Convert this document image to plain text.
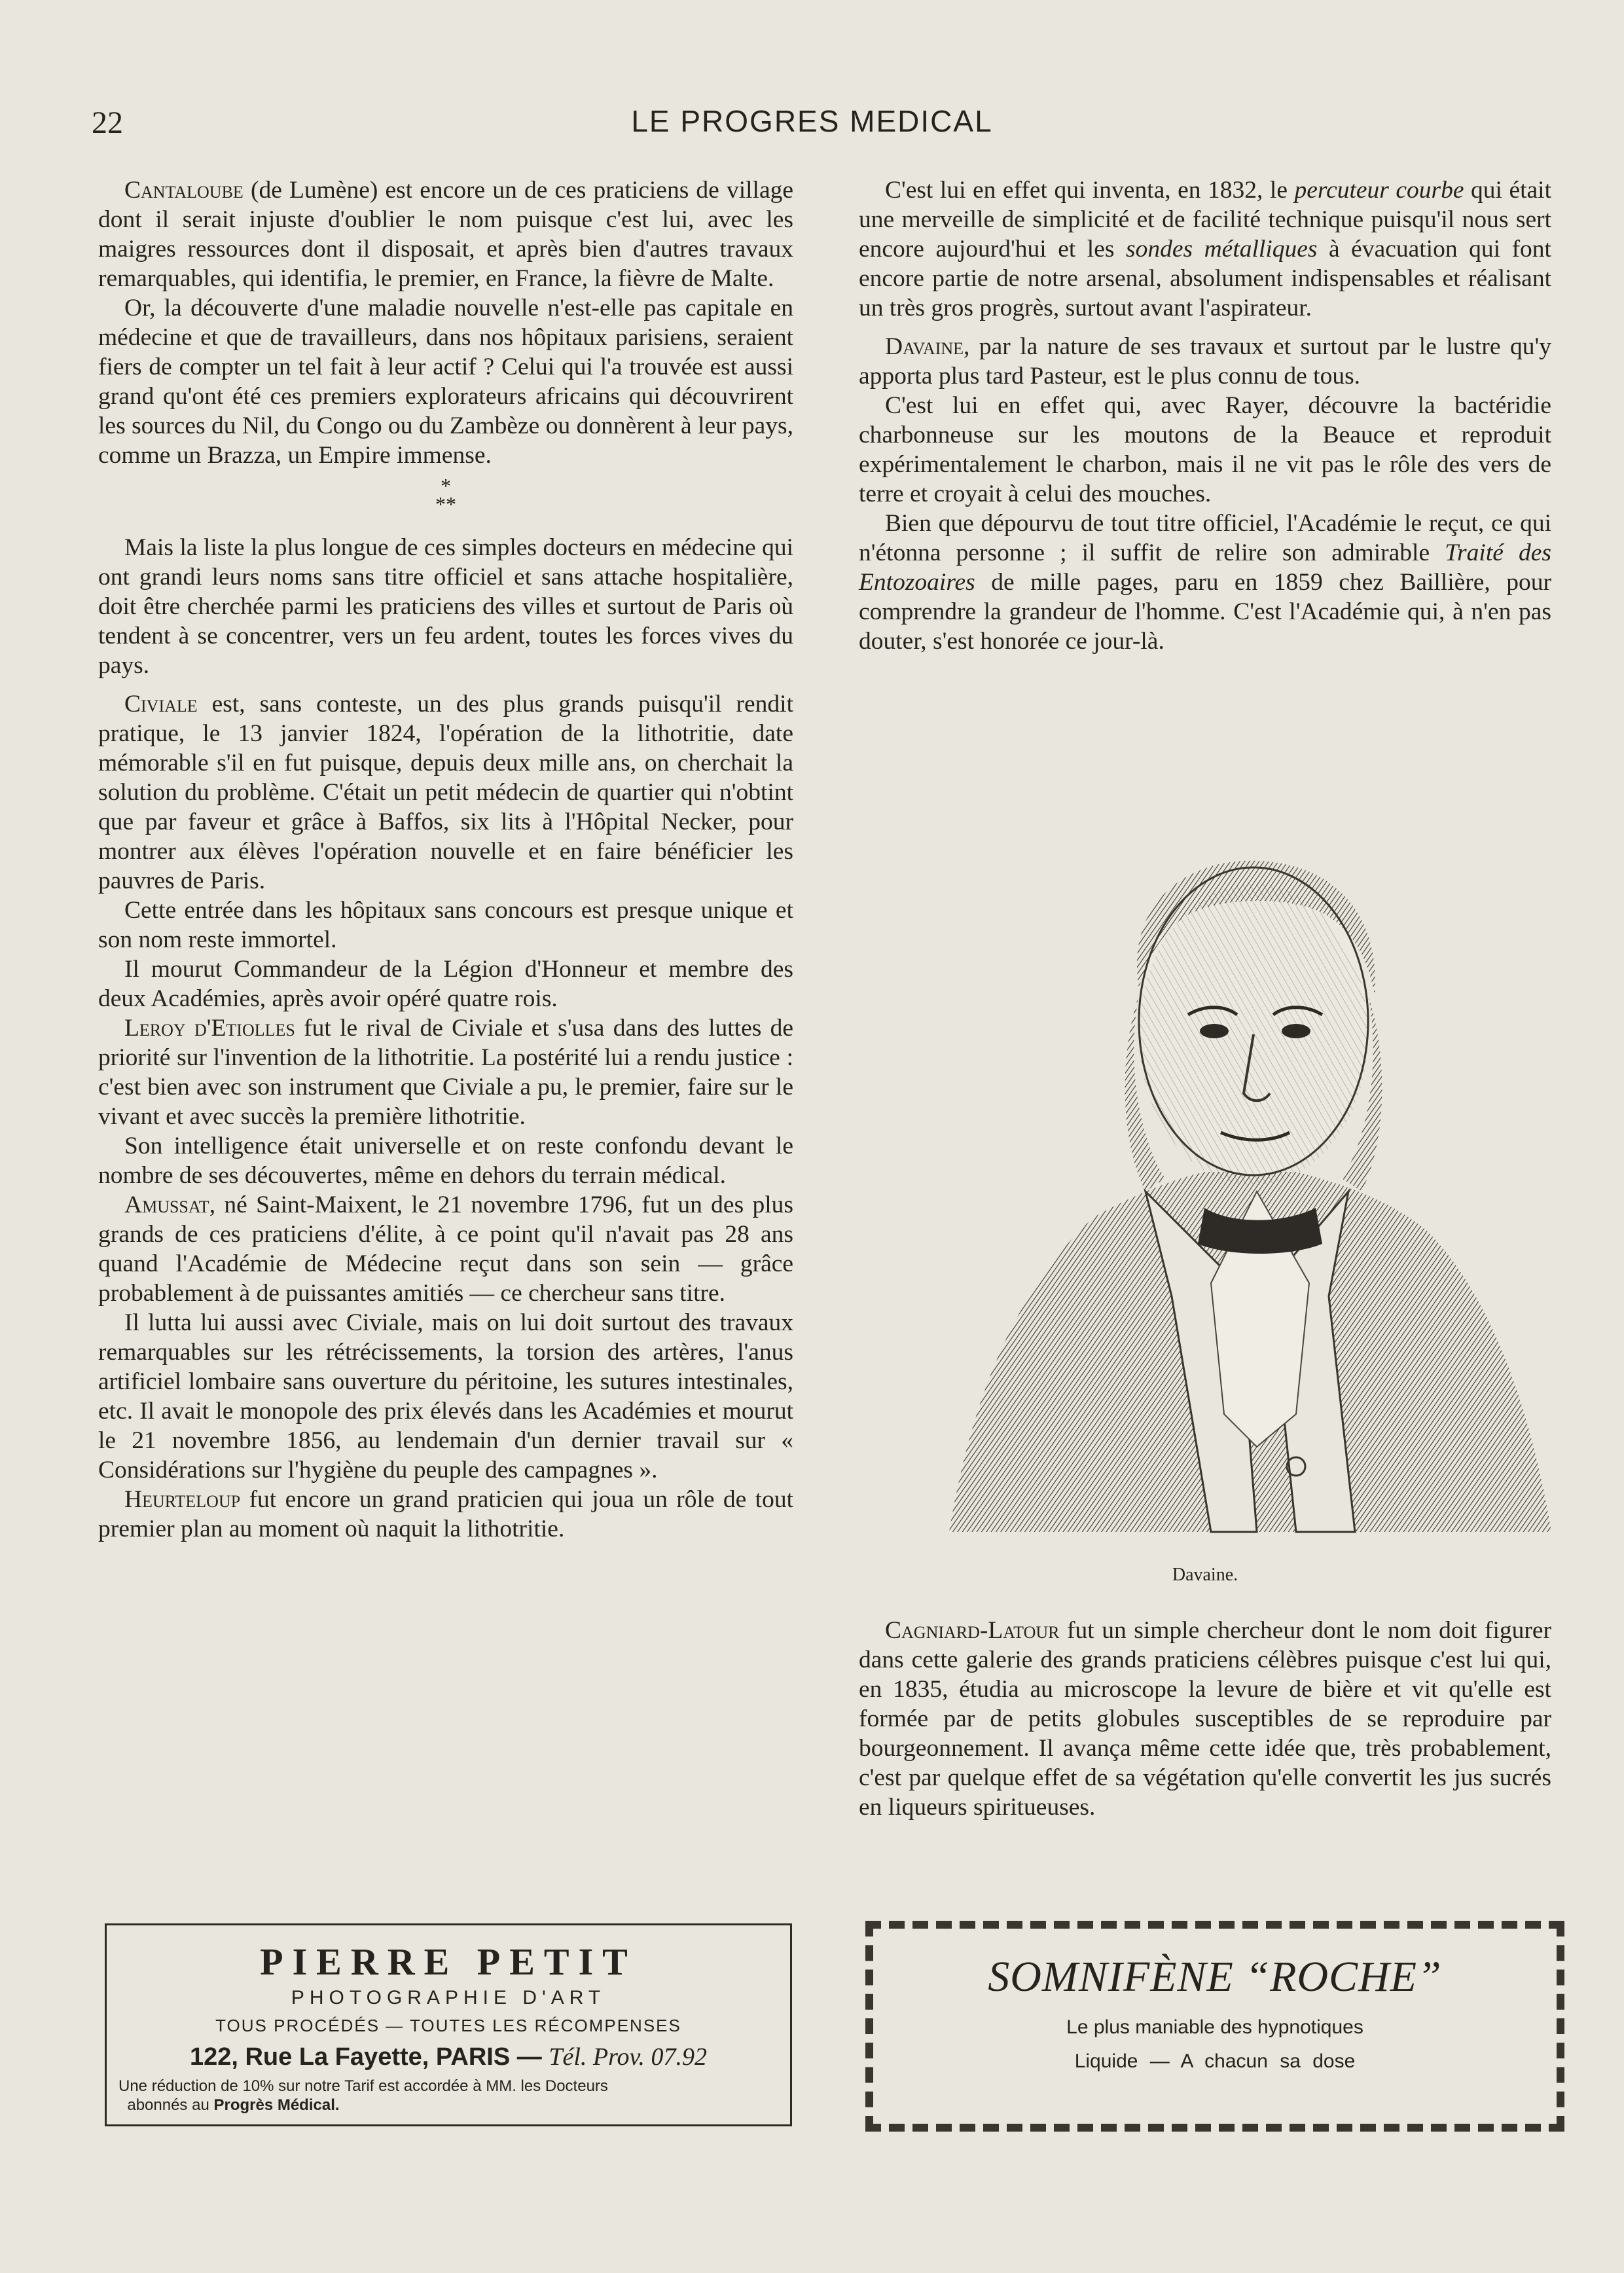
22	LE PROGRES MEDICAL

Cantaloube (de Lumène) est encore un de ces praticiens de village dont il serait injuste d'oublier le nom puisque c'est lui, avec les maigres ressources dont il disposait, et après bien d'autres travaux remarquables, qui identifia, le premier, en France, la fièvre de Malte.

Or, la découverte d'une maladie nouvelle n'est-elle pas capitale en médecine et que de travailleurs, dans nos hôpitaux parisiens, seraient fiers de compter un tel fait à leur actif ? Celui qui l'a trouvée est aussi grand qu'ont été ces premiers explorateurs africains qui découvrirent les sources du Nil, du Congo ou du Zambèze ou donnèrent à leur pays, comme un Brazza, un Empire immense.

*
**

Mais la liste la plus longue de ces simples docteurs en médecine qui ont grandi leurs noms sans titre officiel et sans attache hospitalière, doit être cherchée parmi les praticiens des villes et surtout de Paris où tendent à se concentrer, vers un feu ardent, toutes les forces vives du pays.

Civiale est, sans conteste, un des plus grands puisqu'il rendit pratique, le 13 janvier 1824, l'opération de la lithotritie, date mémorable s'il en fut puisque, depuis deux mille ans, on cherchait la solution du problème. C'était un petit médecin de quartier qui n'obtint que par faveur et grâce à Baffos, six lits à l'Hôpital Necker, pour montrer aux élèves l'opération nouvelle et en faire bénéficier les pauvres de Paris.

Cette entrée dans les hôpitaux sans concours est presque unique et son nom reste immortel.

Il mourut Commandeur de la Légion d'Honneur et membre des deux Académies, après avoir opéré quatre rois.

Leroy d'Etiolles fut le rival de Civiale et s'usa dans des luttes de priorité sur l'invention de la lithotritie. La postérité lui a rendu justice : c'est bien avec son instrument que Civiale a pu, le premier, faire sur le vivant et avec succès la première lithotritie.

Son intelligence était universelle et on reste confondu devant le nombre de ses découvertes, même en dehors du terrain médical.

Amussat, né Saint-Maixent, le 21 novembre 1796, fut un des plus grands de ces praticiens d'élite, à ce point qu'il n'avait pas 28 ans quand l'Académie de Médecine reçut dans son sein — grâce probablement à de puissantes amitiés — ce chercheur sans titre.

Il lutta lui aussi avec Civiale, mais on lui doit surtout des travaux remarquables sur les rétrécissements, la torsion des artères, l'anus artificiel lombaire sans ouverture du péritoine, les sutures intestinales, etc. Il avait le monopole des prix élevés dans les Académies et mourut le 21 novembre 1856, au lendemain d'un dernier travail sur « Considérations sur l'hygiène du peuple des campagnes ».

Heurteloup fut encore un grand praticien qui joua un rôle de tout premier plan au moment où naquit la lithotritie.

C'est lui en effet qui inventa, en 1832, le percuteur courbe qui était une merveille de simplicité et de facilité technique puisqu'il nous sert encore aujourd'hui et les sondes métalliques à évacuation qui font encore partie de notre arsenal, absolument indispensables et réalisant un très gros progrès, surtout avant l'aspirateur.

Davaine, par la nature de ses travaux et surtout par le lustre qu'y apporta plus tard Pasteur, est le plus connu de tous.

C'est lui en effet qui, avec Rayer, découvre la bactéridie charbonneuse sur les moutons de la Beauce et reproduit expérimentalement le charbon, mais il ne vit pas le rôle des vers de terre et croyait à celui des mouches.

Bien que dépourvu de tout titre officiel, l'Académie le reçut, ce qui n'étonna personne ; il suffit de relire son admirable Traité des Entozoaires de mille pages, paru en 1859 chez Baillière, pour comprendre la grandeur de l'homme. C'est l'Académie qui, à n'en pas douter, s'est honorée ce jour-là.

Davaine.

Cagniard-Latour fut un simple chercheur dont le nom doit figurer dans cette galerie des grands praticiens célèbres puisque c'est lui qui, en 1835, étudia au microscope la levure de bière et vit qu'elle est formée par de petits globules susceptibles de se reproduire par bourgeonnement. Il avança même cette idée que, très probablement, c'est par quelque effet de sa végétation qu'elle convertit les jus sucrés en liqueurs spiritueuses.

PIERRE PETIT
PHOTOGRAPHIE D'ART
TOUS PROCÉDÉS — TOUTES LES RÉCOMPENSES
122, Rue La Fayette, PARIS — Tél. Prov. 07.92
Une réduction de 10% sur notre Tarif est accordée à MM. les Docteurs
abonnés au Progrès Médical.
SOMNIFÈNE “ROCHE”
Le plus maniable des hypnotiques
Liquide — A chacun sa dose
